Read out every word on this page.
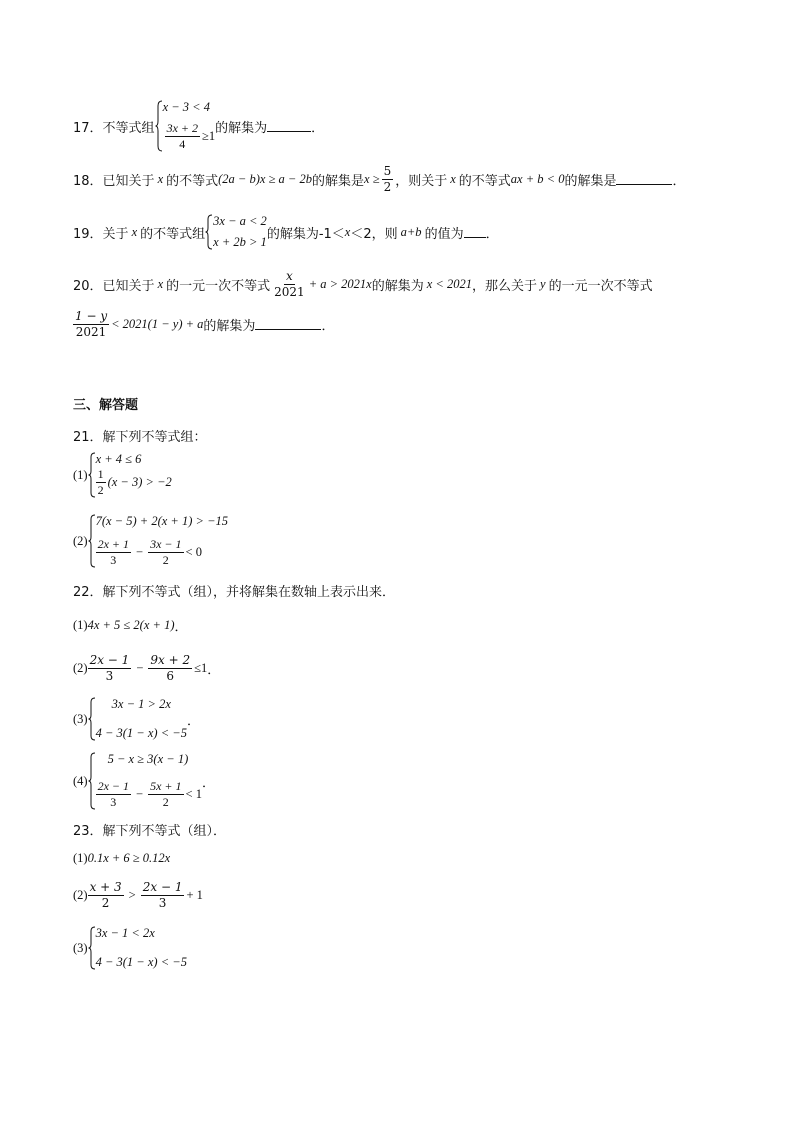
17． 不等式组
x − 3 < 4
$\frac{3x + 2}{4} \ge 1$
的解集为	．
18． 已知关于 x 的不等式 (2a − b)x ≥ a − 2b 的解集是 $x \ge \frac{5}{2}$ ，则关于 x 的不等式 ax + b < 0 的解集是	．
19． 关于 x 的不等式组
3x − a < 2
x + 2b > 1
的解集为-1＜ x ＜2，则 a+b 的值为 ．
20． 已知关于 x 的一元一次不等式 $\frac{x}{2021} + a > 2021x$ 的解集为 x < 2021 ，那么关于 y 的一元一次不等式
$\frac{1 - y}{2021} < 2021(1 - y) + a$ 的解集为	．
三、解答题
21．解下列不等式组：
(1)
x + 4 ≤ 6
$\frac{1}{2} (x - 3) > -2$
(2)
7(x − 5) + 2(x + 1) > −15
$\frac{2x + 1}{3} - \frac{3x - 1}{2} < 0$
22．解下列不等式（组），并将解集在数轴上表示出来．
(1) 4x + 5 ≤ 2(x + 1) ．
$(2) \frac{2x - 1}{3} - \frac{9x + 2}{6} \le 1$ ．
(3)
3x − 1 > 2x
4 − 3(1 − x) < −5
．
(4)
5 − x ≥ 3(x − 1)
$\frac{2x - 1}{3} - \frac{5x + 1}{2} < 1$
．
23．解下列不等式（组）．
(1) 0.1x + 6 ≥ 0.12x
$(2) \frac{x + 3}{2} > \frac{2x - 1}{3} + 1$
(3)
3x − 1 < 2x
4 − 3(1 − x) < −5
